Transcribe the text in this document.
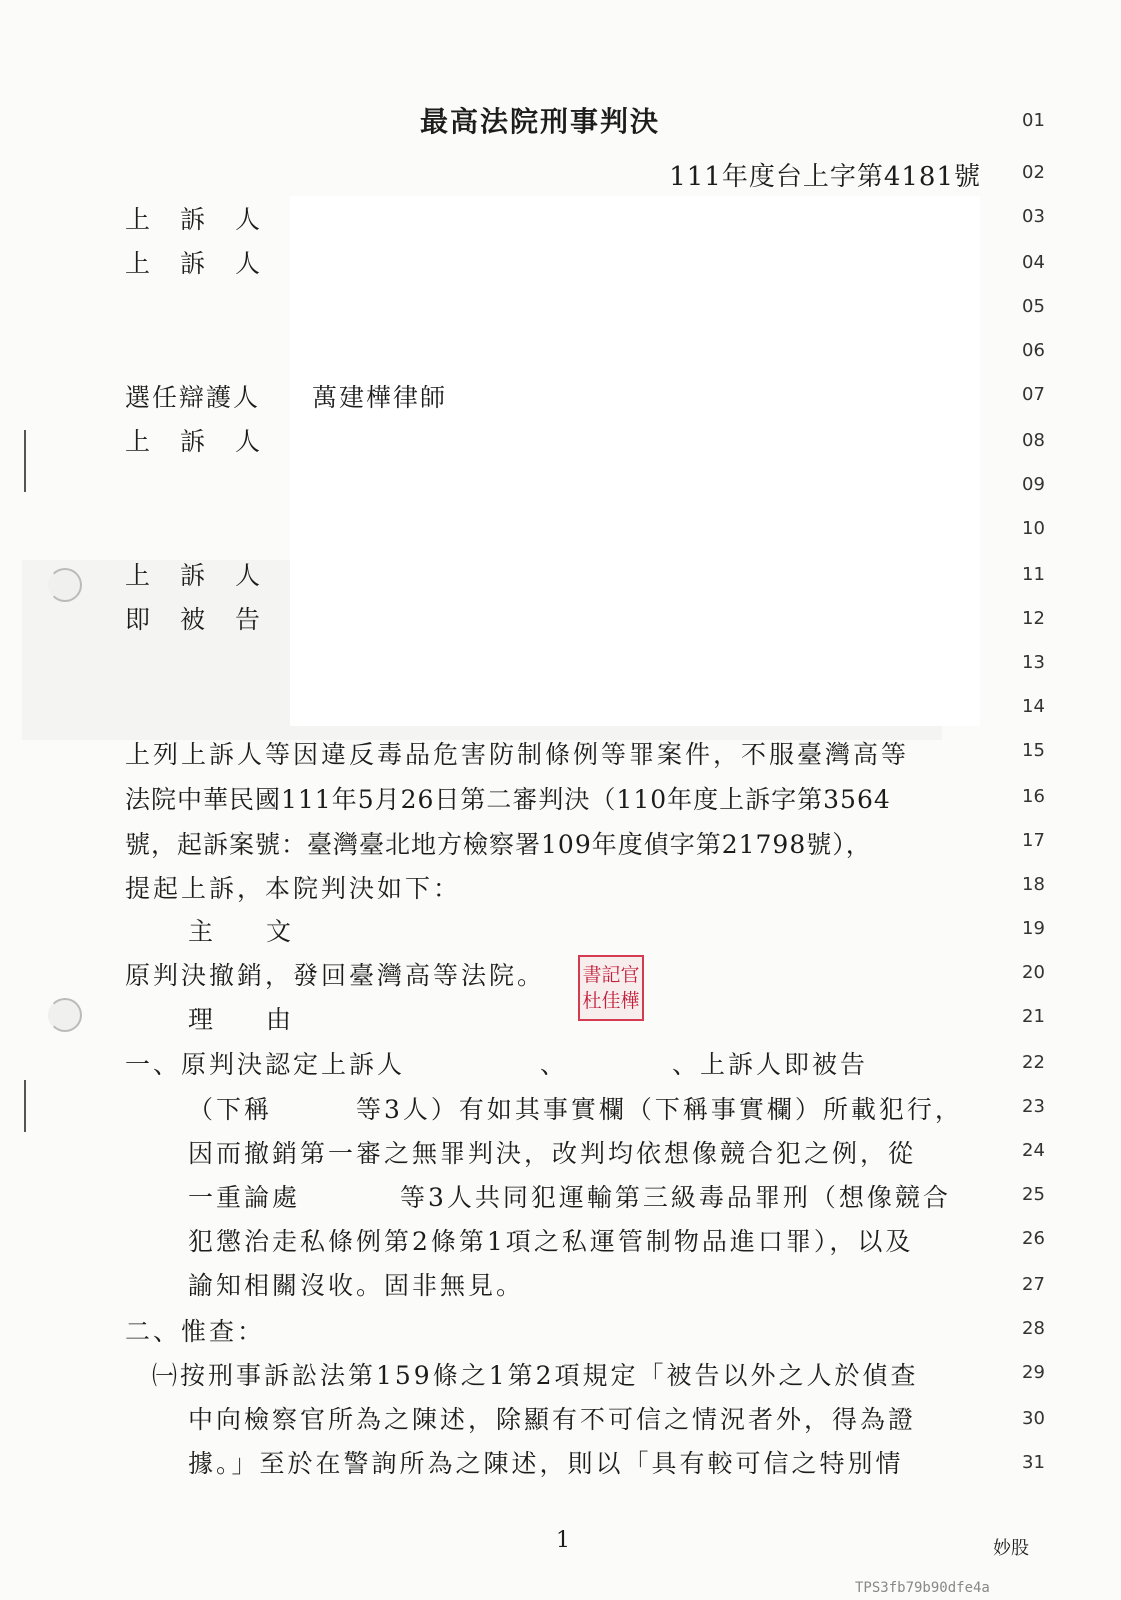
最高法院刑事判決
111年度台上字第4181號
上訴人
上訴人
選任辯護人 萬建樺律師
上訴人
上訴人
即被告
上列上訴人等因違反毒品危害防制條例等罪案件，不服臺灣高等
法院中華民國111年5月26日第二審判決（110年度上訴字第3564
號，起訴案號：臺灣臺北地方檢察署109年度偵字第21798號），
提起上訴，本院判決如下：
主　文
原判決撤銷，發回臺灣高等法院。 書記官
杜佳樺
理　由
一、原判決認定上訴人	、	、上訴人即被告
（下稱	等3人）有如其事實欄（下稱事實欄）所載犯行，
因而撤銷第一審之無罪判決，改判均依想像競合犯之例，從
一重論處	等3人共同犯運輸第三級毒品罪刑（想像競合
犯懲治走私條例第2條第1項之私運管制物品進口罪），以及
諭知相關沒收。固非無見。
二、惟查：
㈠按刑事訴訟法第159條之1第2項規定「被告以外之人於偵查
中向檢察官所為之陳述，除顯有不可信之情況者外，得為證
據。」至於在警詢所為之陳述，則以「具有較可信之特別情
01
02
03
04
05
06
07
08
09
10
11
12
13
14
15
16
17
18
19
20
21
22
23
24
25
26
27
28
29
30
31
1	妙股
TPS3fb79b90dfe4a
